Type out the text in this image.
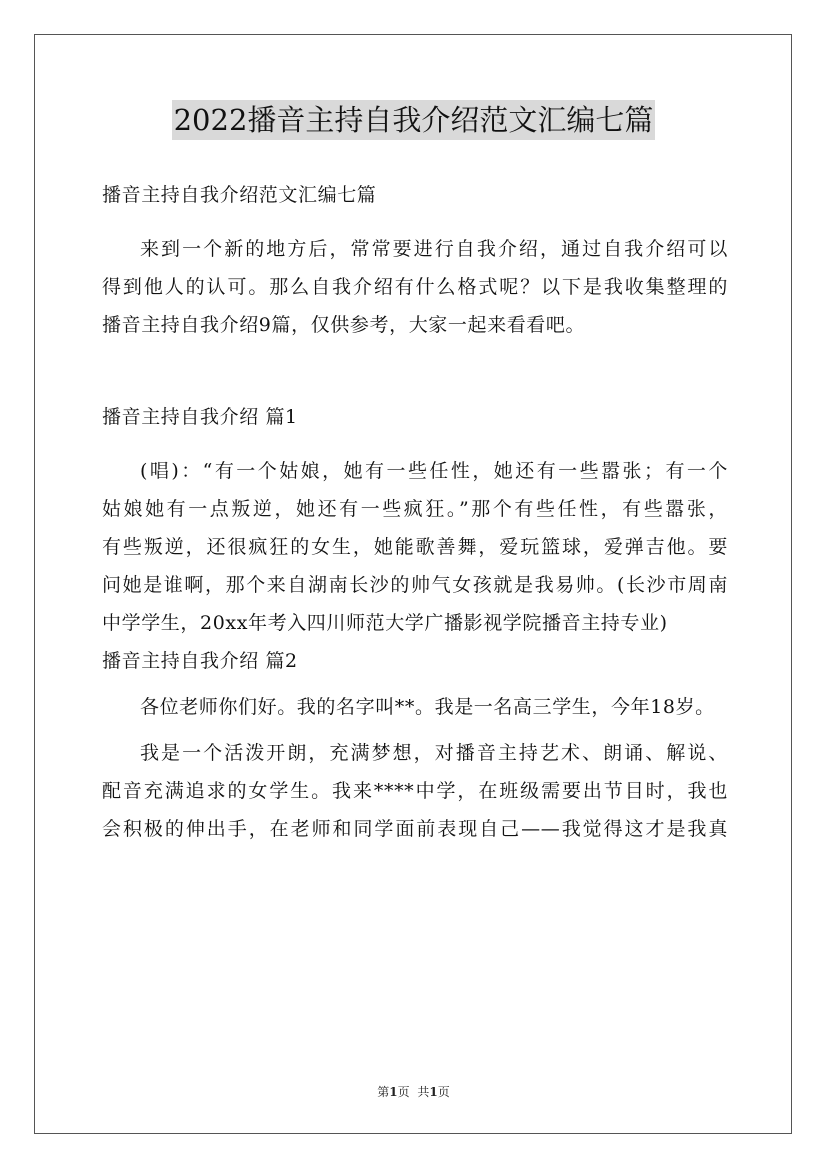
2022播音主持自我介绍范文汇编七篇

播音主持自我介绍范文汇编七篇

来到一个新的地方后，常常要进行自我介绍，通过自我介绍可以
得到他人的认可。那么自我介绍有什么格式呢？以下是我收集整理的
播音主持自我介绍9篇，仅供参考，大家一起来看看吧。

播音主持自我介绍 篇1

(唱)：“有一个姑娘，她有一些任性，她还有一些嚣张；有一个
姑娘她有一点叛逆，她还有一些疯狂。”那个有些任性，有些嚣张，
有些叛逆，还很疯狂的女生，她能歌善舞，爱玩篮球，爱弹吉他。要
问她是谁啊，那个来自湖南长沙的帅气女孩就是我易帅。(长沙市周南
中学学生，20xx年考入四川师范大学广播影视学院播音主持专业)

播音主持自我介绍 篇2

各位老师你们好。我的名字叫**。我是一名高三学生，今年18岁。

我是一个活泼开朗，充满梦想，对播音主持艺术、朗诵、解说、
配音充满追求的女学生。我来****中学，在班级需要出节目时，我也
会积极的伸出手，在老师和同学面前表现自己——我觉得这才是我真

第1页 共1页
